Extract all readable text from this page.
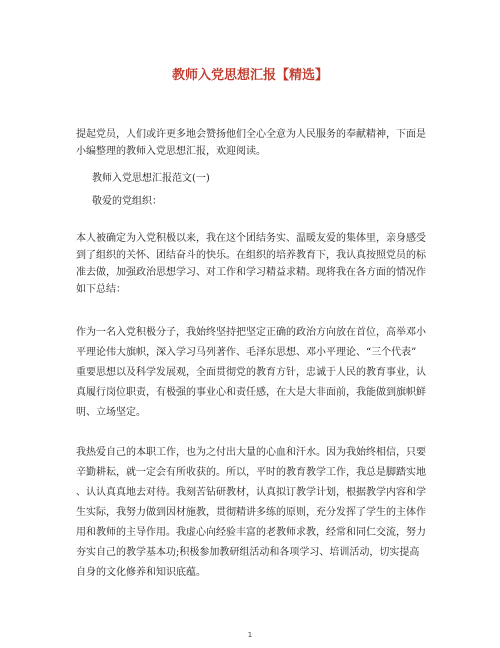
教师入党思想汇报【精选】

提起党员，人们或许更多地会赞扬他们全心全意为人民服务的奉献精神，下面是
小编整理的教师入党思想汇报，欢迎阅读。

教师入党思想汇报范文(一)

敬爱的党组织：

本人被确定为入党积极以来，我在这个团结务实、温暖友爱的集体里，亲身感受
到了组织的关怀、团结奋斗的快乐。在组织的培养教育下，我认真按照党员的标
准去做，加强政治思想学习、对工作和学习精益求精。现将我在各方面的情况作
如下总结：

作为一名入党积极分子，我始终坚持把坚定正确的政治方向放在首位，高举邓小
平理论伟大旗帜，深入学习马列著作、毛泽东思想、邓小平理论、“三个代表”
重要思想以及科学发展观，全面贯彻党的教育方针，忠诚于人民的教育事业，认
真履行岗位职责，有极强的事业心和责任感，在大是大非面前，我能做到旗帜鲜
明、立场坚定。

我热爱自己的本职工作，也为之付出大量的心血和汗水。因为我始终相信，只要
辛勤耕耘，就一定会有所收获的。所以，平时的教育教学工作，我总是脚踏实地
、认认真真地去对待。我刻苦钻研教材，认真拟订教学计划，根据教学内容和学
生实际，我努力做到因材施教，贯彻精讲多练的原则，充分发挥了学生的主体作
用和教师的主导作用。我虚心向经验丰富的老教师求教，经常和同仁交流，努力
夯实自己的教学基本功;积极参加教研组活动和各项学习、培训活动，切实提高
自身的文化修养和知识底蕴。

1
